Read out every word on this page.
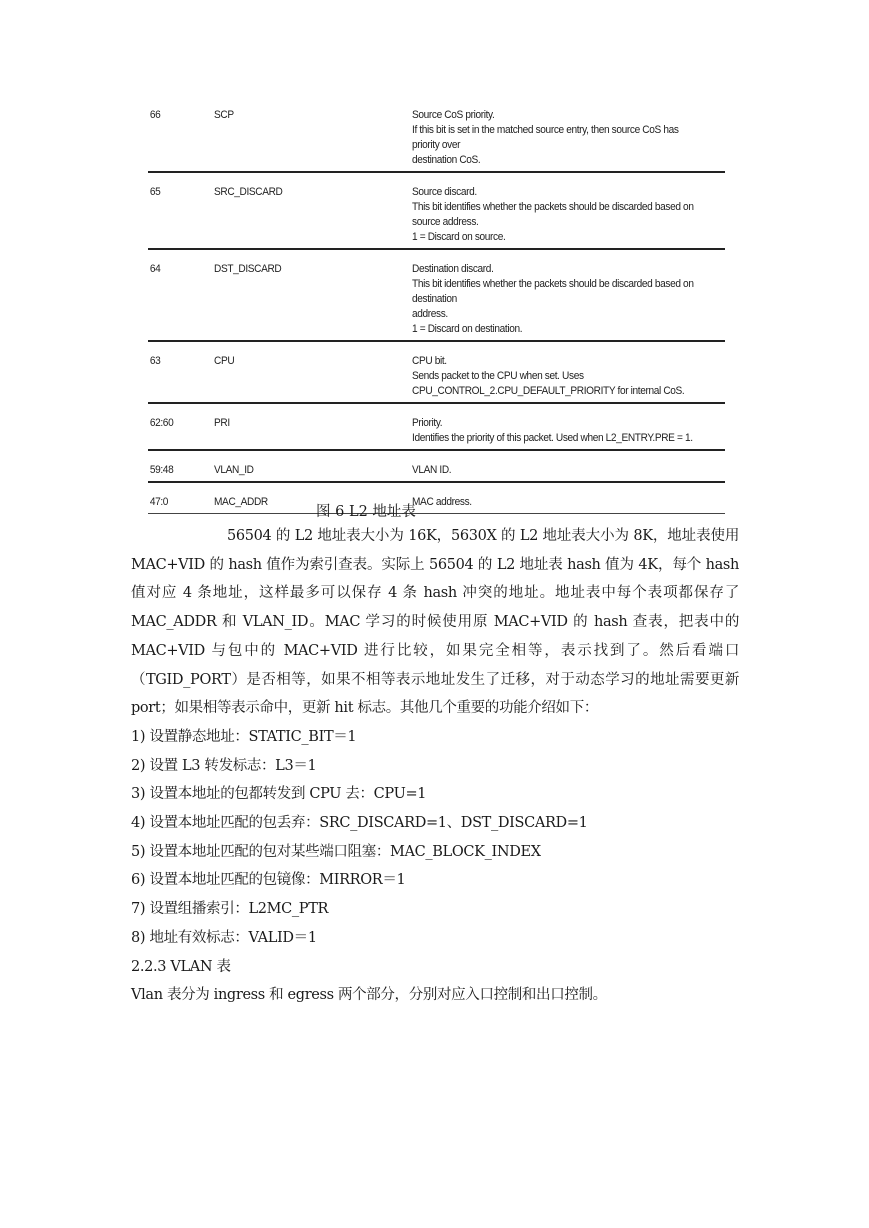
66	SCP	Source CoS priority.
If this bit is set in the matched source entry, then source CoS has priority over
destination CoS.
65	SRC_DISCARD	Source discard.
This bit identifies whether the packets should be discarded based on source address.
1 = Discard on source.
64	DST_DISCARD	Destination discard.
This bit identifies whether the packets should be discarded based on destination
address.
1 = Discard on destination.
63	CPU	CPU bit.
Sends packet to the CPU when set. Uses
CPU_CONTROL_2.CPU_DEFAULT_PRIORITY for internal CoS.
62:60	PRI	Priority.
Identifies the priority of this packet. Used when L2_ENTRY.PRE = 1.
59:48	VLAN_ID	VLAN ID.
47:0	MAC_ADDR	MAC address.
图 6 L2 地址表

56504 的 L2 地址表大小为 16K，5630X 的 L2 地址表大小为 8K，地址表使用 MAC+VID 的 hash 值作为索引查表。实际上 56504 的 L2 地址表 hash 值为 4K，每个 hash 值对应 4 条地址，这样最多可以保存 4 条 hash 冲突的地址。地址表中每个表项都保存了 MAC_ADDR 和 VLAN_ID。MAC 学习的时候使用原 MAC+VID 的 hash 查表，把表中的 MAC+VID 与包中的 MAC+VID 进行比较，如果完全相等，表示找到了。然后看端口（TGID_PORT）是否相等，如果不相等表示地址发生了迁移，对于动态学习的地址需要更新 port；如果相等表示命中，更新 hit 标志。其他几个重要的功能介绍如下：

1) 设置静态地址：STATIC_BIT＝1

2) 设置 L3 转发标志：L3＝1

3) 设置本地址的包都转发到 CPU 去：CPU=1

4) 设置本地址匹配的包丢弃：SRC_DISCARD=1、DST_DISCARD=1

5) 设置本地址匹配的包对某些端口阻塞：MAC_BLOCK_INDEX

6) 设置本地址匹配的包镜像：MIRROR＝1

7) 设置组播索引：L2MC_PTR

8) 地址有效标志：VALID＝1

2.2.3 VLAN 表

Vlan 表分为 ingress 和 egress 两个部分，分别对应入口控制和出口控制。
